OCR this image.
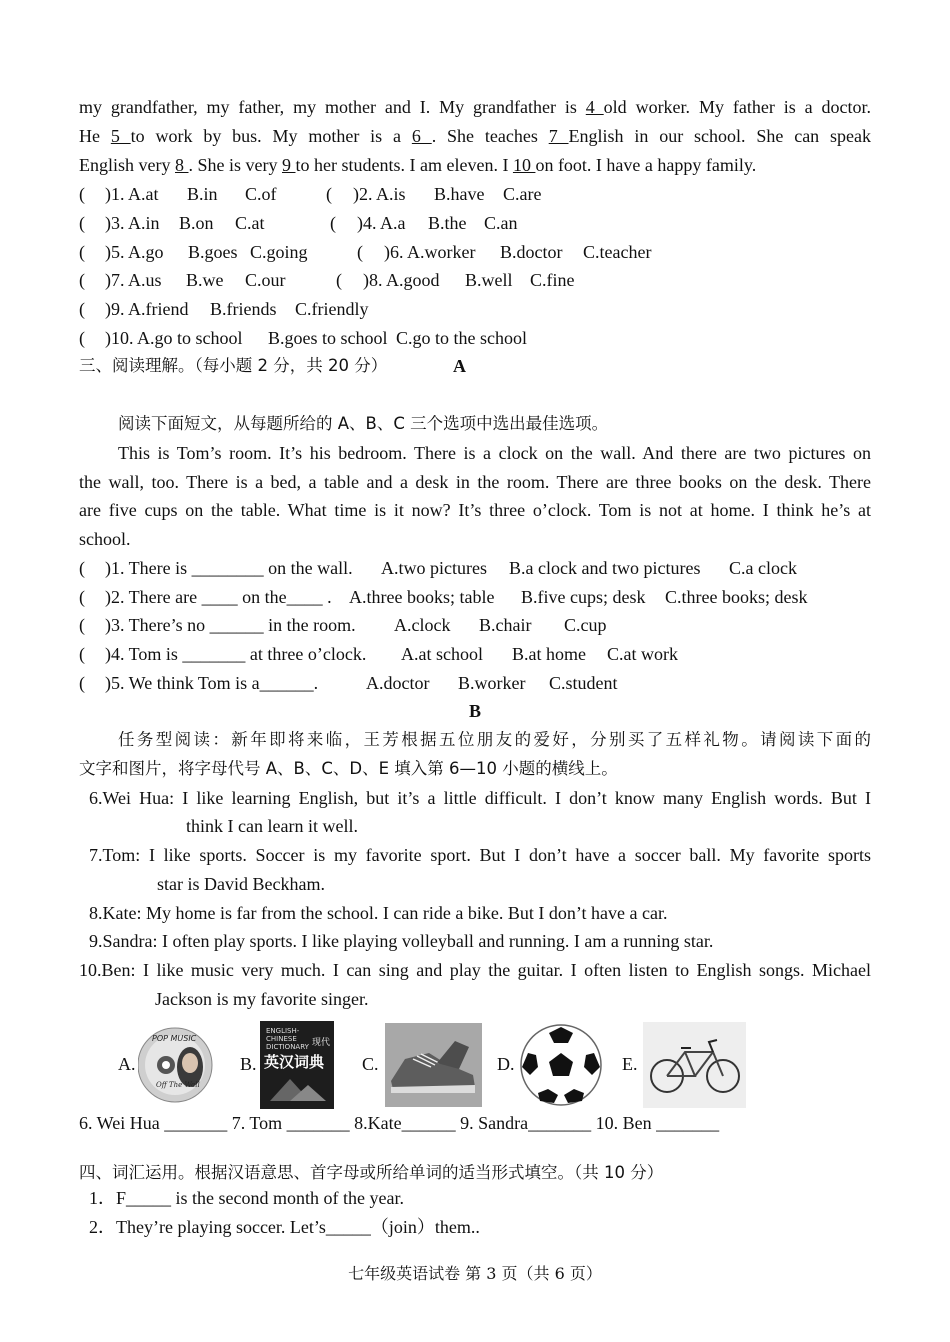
my grandfather, my father, my mother and I. My grandfather is 4 old worker. My father is a doctor.
He 5 to work by bus. My mother is a 6 . She teaches 7 English in our school. She can speak
English very 8 . She is very 9 to her students. I am eleven. I 10 on foot. I have a happy family.
( )1. A.at B.in C.of	( )2. A.is B.have C.are
( )3. A.in B.on C.at	( )4. A.a B.the C.an
( )5. A.go B.goes C.going	( )6. A.worker B.doctor C.teacher
( )7. A.us B.we C.our	( )8. A.good B.well C.fine
( )9. A.friend B.friends C.friendly
( )10. A.go to school B.goes to school C.go to the school
三、阅读理解。（每小题 2 分，共 20 分）	A
阅读下面短文，从每题所给的 A、B、C 三个选项中选出最佳选项。
This is Tom’s room. It’s his bedroom. There is a clock on the wall. And there are two pictures on
the wall, too. There is a bed, a table and a desk in the room. There are three books on the desk. There
are five cups on the table. What time is it now? It’s three o’clock. Tom is not at home. I think he’s at
school.
( )1. There is ________ on the wall. A.two pictures B.a clock and two pictures C.a clock
( )2. There are ____ on the____ . A.three books; table B.five cups; desk C.three books; desk
( )3. There’s no ______ in the room. A.clock B.chair C.cup
( )4. Tom is _______ at three o’clock. A.at school B.at home C.at work
( )5. We think Tom is a______.	A.doctor B.worker C.student
B
任务型阅读：新年即将来临，王芳根据五位朋友的爱好，分别买了五样礼物。请阅读下面的
文字和图片，将字母代号 A、B、C、D、E 填入第 6—10 小题的横线上。
6.Wei Hua: I like learning English, but it’s a little difficult. I don’t know many English words. But I
think I can learn it well.
7.Tom: I like sports. Soccer is my favorite sport. But I don’t have a soccer ball. My favorite sports
star is David Beckham.
8.Kate: My home is far from the school. I can ride a bike. But I don’t have a car.
9.Sandra: I often play sports. I like playing volleyball and running. I am a running star.
10.Ben: I like music very much. I can sing and play the guitar. I often listen to English songs. Michael
Jackson is my favorite singer.
A.
POP MUSIC
Off The Wall
B.
ENGLISH-
CHINESE
DICTIONARY 现代
英汉词典 C.	D.	E.
6. Wei Hua _______ 7. Tom _______ 8.Kate______ 9. Sandra_______ 10. Ben _______
四、词汇运用。根据汉语意思、首字母或所给单词的适当形式填空。（共 10 分）
1．F_____ is the second month of the year.
2．They’re playing soccer. Let’s_____（join）them..
七年级英语试卷 第 3 页（共 6 页）
